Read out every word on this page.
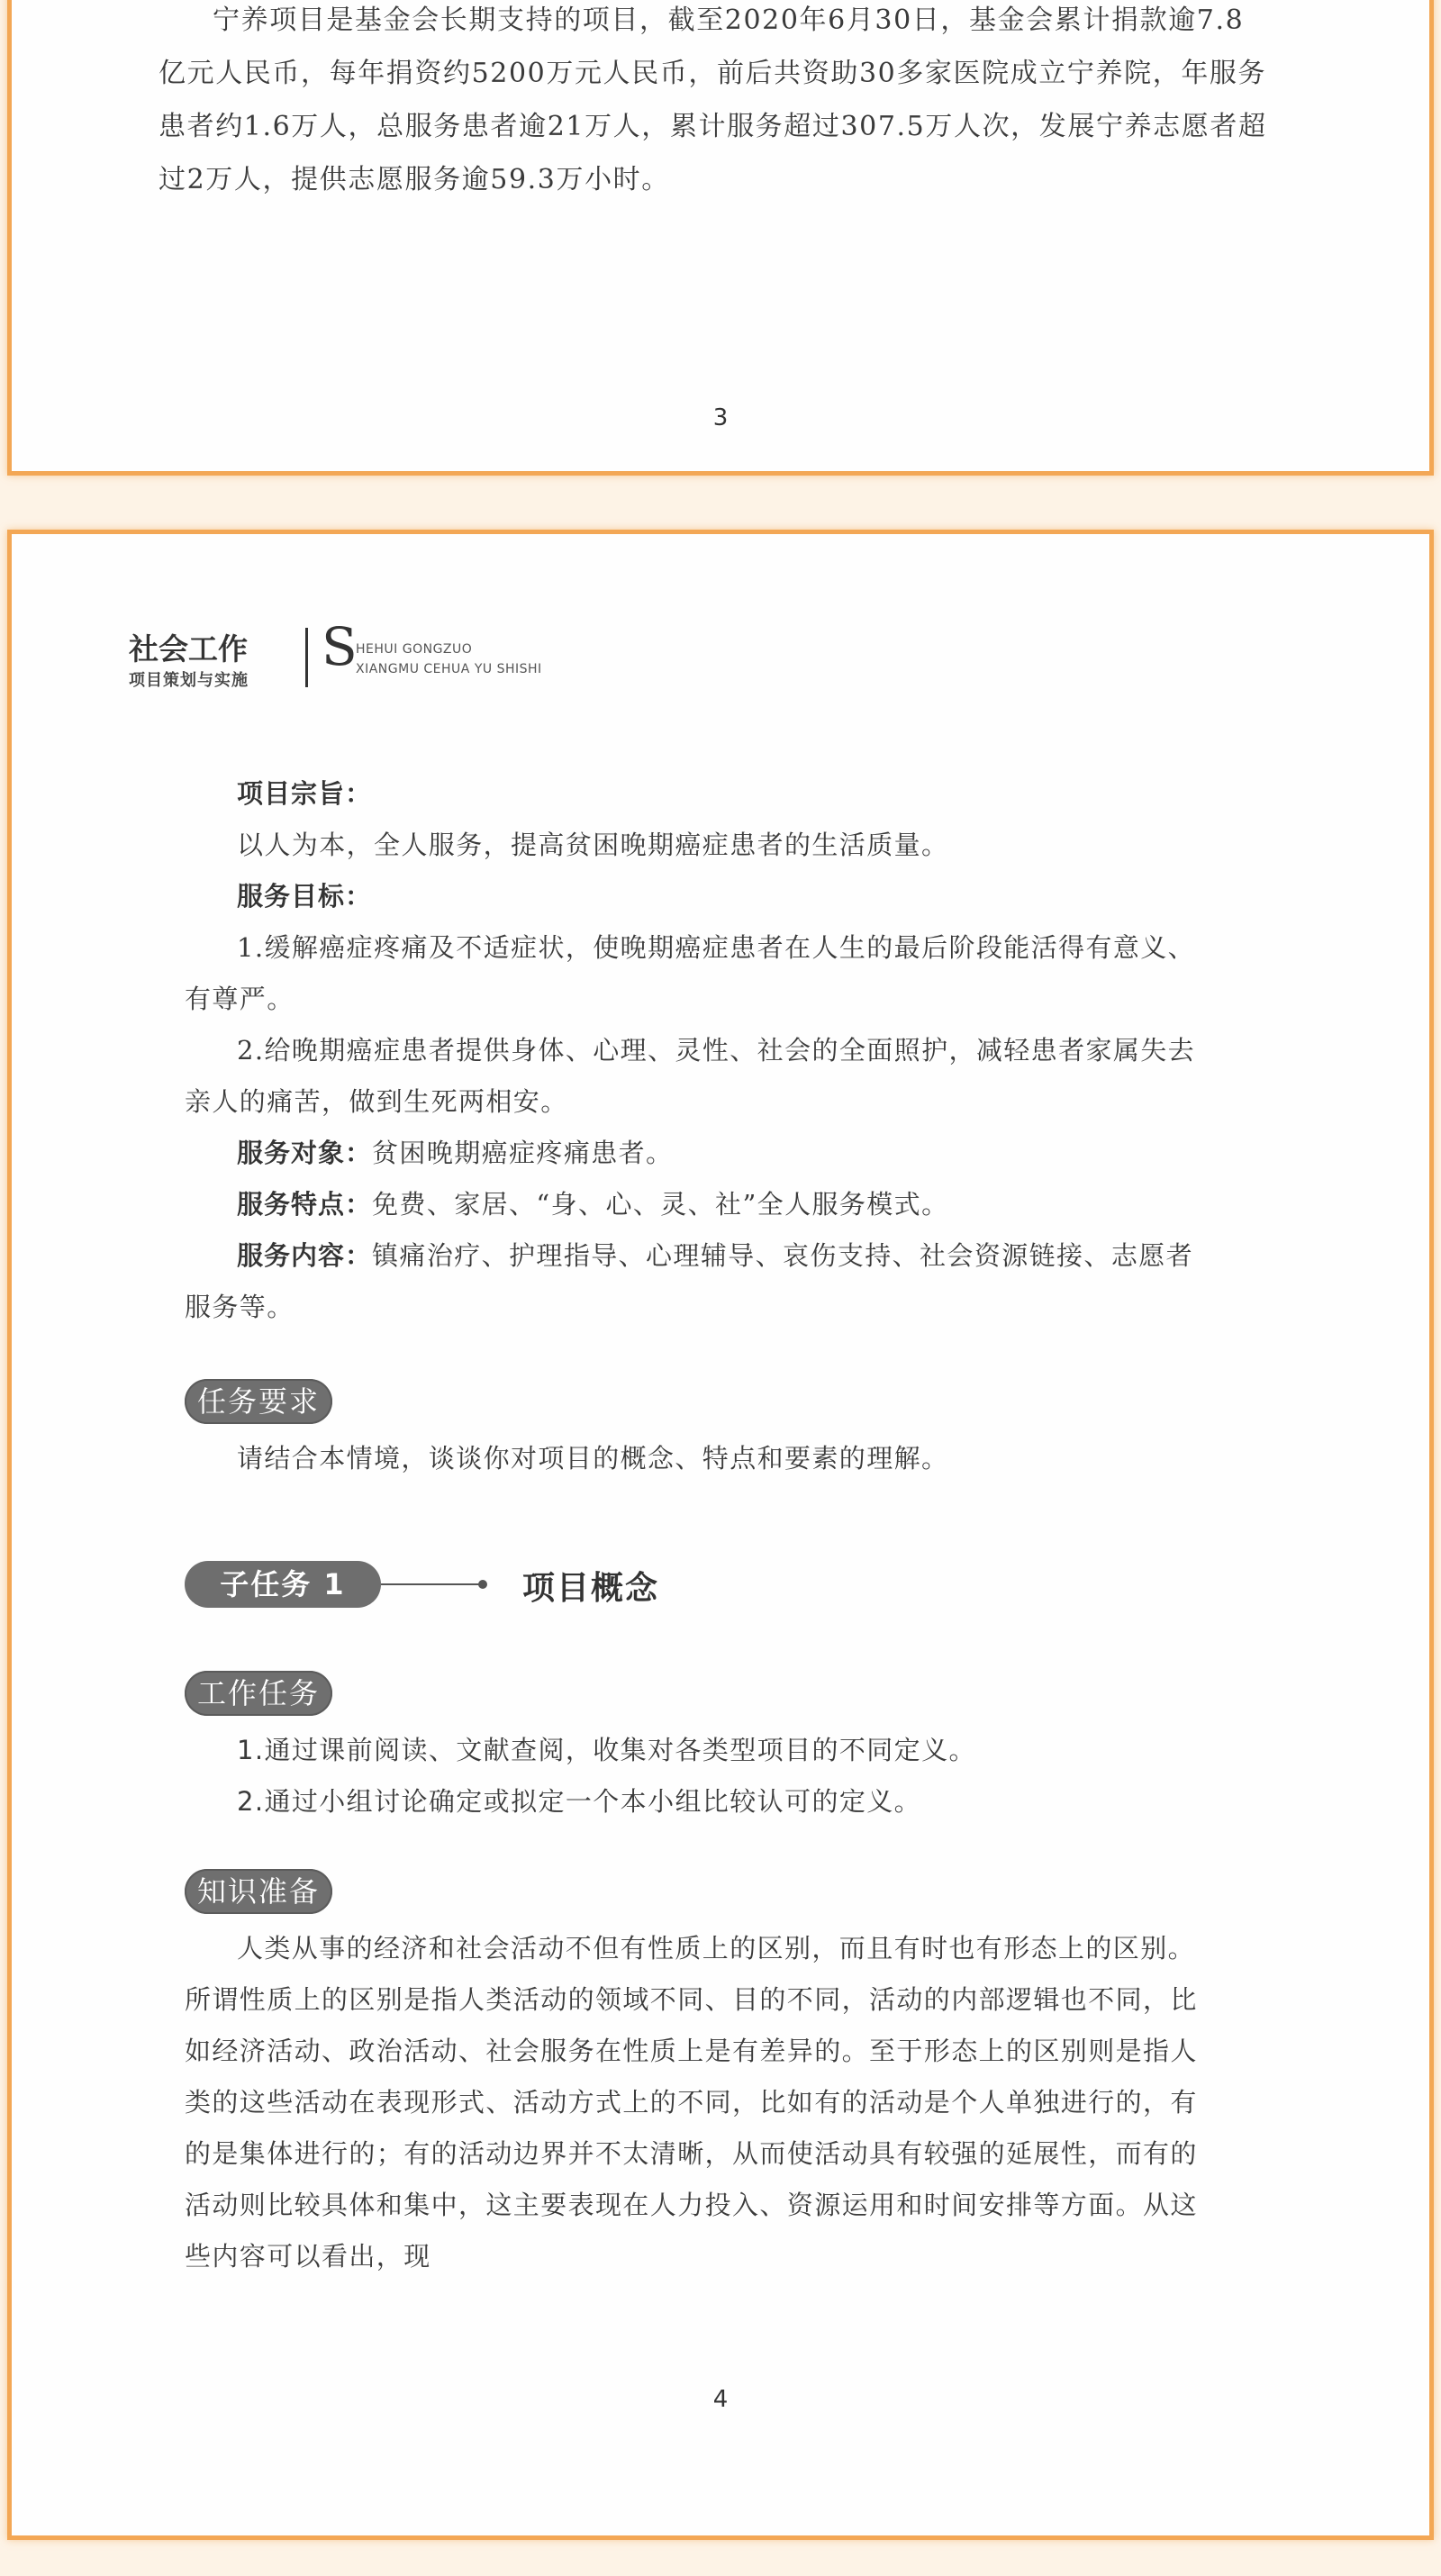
宁养项目是基金会长期支持的项目，截至2020年6月30日，基金会累计捐款逾7.8亿元人民币，每年捐资约5200万元人民币，前后共资助30多家医院成立宁养院，年服务患者约1.6万人，总服务患者逾21万人，累计服务超过307.5万人次，发展宁养志愿者超过2万人，提供志愿服务逾59.3万小时。

3
社会工作
项目策划与实施
S
HEHUI GONGZUO
XIANGMU CEHUA YU SHISHI

项目宗旨：

以人为本，全人服务，提高贫困晚期癌症患者的生活质量。

服务目标：

1.缓解癌症疼痛及不适症状，使晚期癌症患者在人生的最后阶段能活得有意义、有尊严。

2.给晚期癌症患者提供身体、心理、灵性、社会的全面照护，减轻患者家属失去亲人的痛苦，做到生死两相安。

服务对象：贫困晚期癌症疼痛患者。

服务特点：免费、家居、“身、心、灵、社”全人服务模式。

服务内容：镇痛治疗、护理指导、心理辅导、哀伤支持、社会资源链接、志愿者服务等。

任务要求
请结合本情境，谈谈你对项目的概念、特点和要素的理解。
子任务 1	项目概念
工作任务

1.通过课前阅读、文献查阅，收集对各类型项目的不同定义。

2.通过小组讨论确定或拟定一个本小组比较认可的定义。

知识准备

人类从事的经济和社会活动不但有性质上的区别，而且有时也有形态上的区别。所谓性质上的区别是指人类活动的领域不同、目的不同，活动的内部逻辑也不同，比如经济活动、政治活动、社会服务在性质上是有差异的。至于形态上的区别则是指人类的这些活动在表现形式、活动方式上的不同，比如有的活动是个人单独进行的，有的是集体进行的；有的活动边界并不太清晰，从而使活动具有较强的延展性，而有的活动则比较具体和集中，这主要表现在人力投入、资源运用和时间安排等方面。从这些内容可以看出，现

4
